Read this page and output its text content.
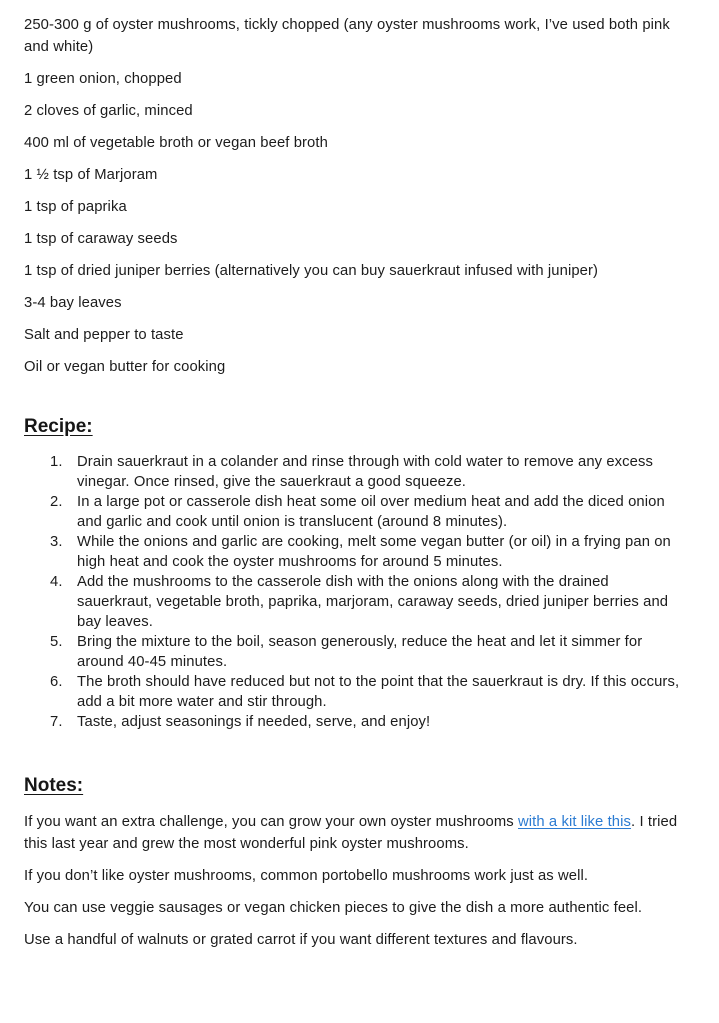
250-300 g of oyster mushrooms, tickly chopped (any oyster mushrooms work, I’ve used both pink and white)

1 green onion, chopped

2 cloves of garlic, minced

400 ml of vegetable broth or vegan beef broth

1 ½ tsp of Marjoram

1 tsp of paprika

1 tsp of caraway seeds

1 tsp of dried juniper berries (alternatively you can buy sauerkraut infused with juniper)

3-4 bay leaves

Salt and pepper to taste

Oil or vegan butter for cooking

Recipe:
1. Drain sauerkraut in a colander and rinse through with cold water to remove any excess vinegar. Once rinsed, give the sauerkraut a good squeeze.
2. In a large pot or casserole dish heat some oil over medium heat and add the diced onion and garlic and cook until onion is translucent (around 8 minutes).
3. While the onions and garlic are cooking, melt some vegan butter (or oil) in a frying pan on high heat and cook the oyster mushrooms for around 5 minutes.
4. Add the mushrooms to the casserole dish with the onions along with the drained sauerkraut, vegetable broth, paprika, marjoram, caraway seeds, dried juniper berries and bay leaves.
5. Bring the mixture to the boil, season generously, reduce the heat and let it simmer for around 40-45 minutes.
6. The broth should have reduced but not to the point that the sauerkraut is dry. If this occurs, add a bit more water and stir through.
7. Taste, adjust seasonings if needed, serve, and enjoy!
Notes:

If you want an extra challenge, you can grow your own oyster mushrooms with a kit like this. I tried this last year and grew the most wonderful pink oyster mushrooms.

If you don’t like oyster mushrooms, common portobello mushrooms work just as well.

You can use veggie sausages or vegan chicken pieces to give the dish a more authentic feel.

Use a handful of walnuts or grated carrot if you want different textures and flavours.
